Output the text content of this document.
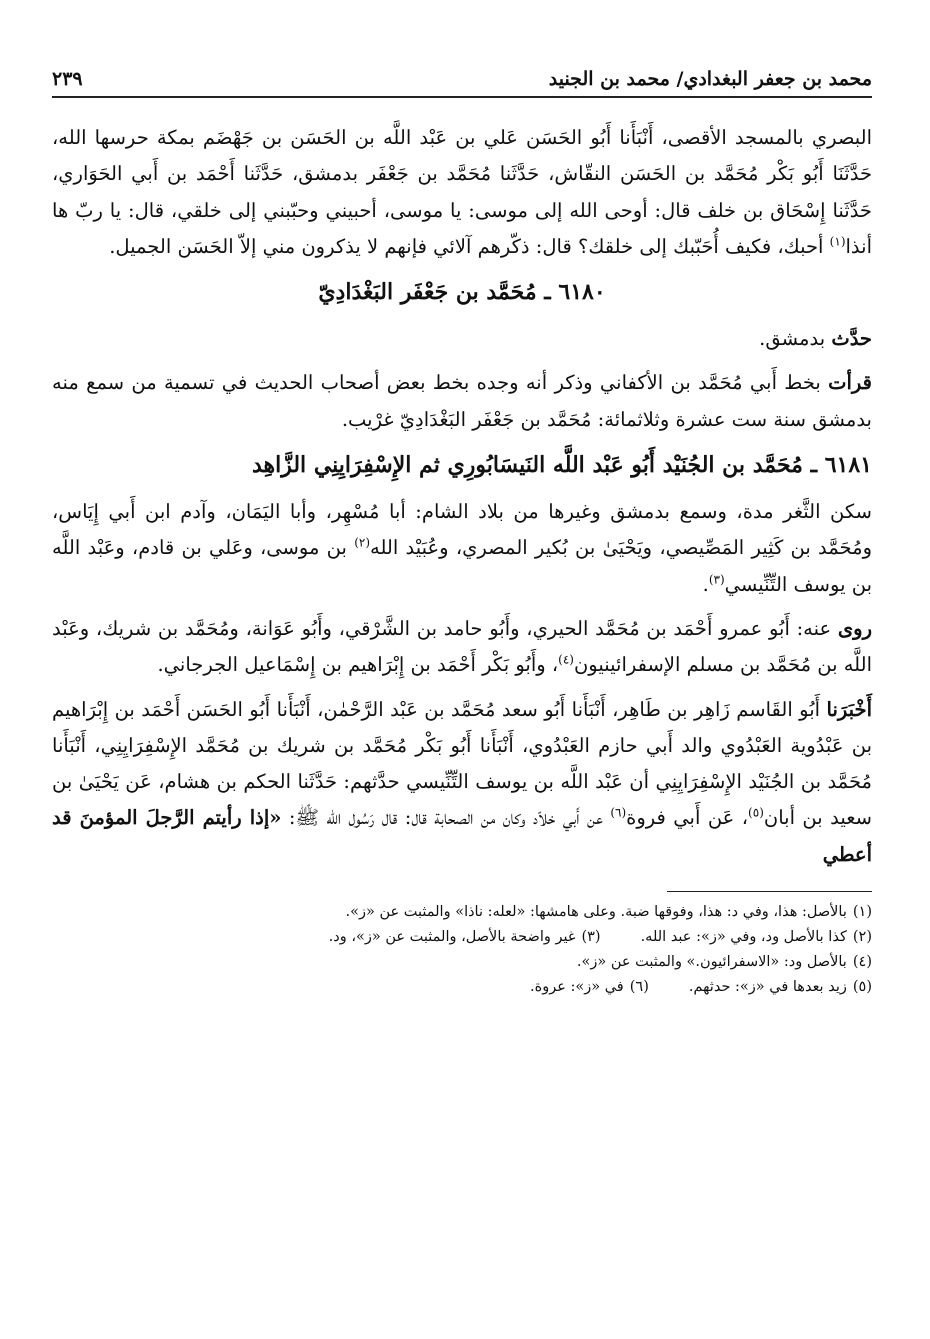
محمد بن جعفر البغدادي/ محمد بن الجنيد
٢٣٩

البصري بالمسجد الأقصى، أَنْبَأَنا أَبُو الحَسَن عَلي بن عَبْد اللَّه بن الحَسَن بن جَهْضَم بمكة حرسها الله، حَدَّثَنَا أَبُو بَكْر مُحَمَّد بن الحَسَن النقّاش، حَدَّثَنا مُحَمَّد بن جَعْفَر بدمشق، حَدَّثَنا أَحْمَد بن أَبي الحَوَاري، حَدَّثَنا إِسْحَاق بن خلف قال: أوحى الله إلى موسى: يا موسى، أحبيني وحبّبني إلى خلقي، قال: يا ربّ ها أنذا$^{(١)}$ أحبك، فكيف أُحَبّبك إلى خلقك؟ قال: ذكّرهم آلائي فإنهم لا يذكرون مني إلاّ الحَسَن الجميل.

٦١٨٠ ـ مُحَمَّد بن جَعْفَر البَغْدَادِيّ

حدَّث بدمشق.

قرأت بخط أَبي مُحَمَّد بن الأكفاني وذكر أنه وجده بخط بعض أصحاب الحديث في تسمية من سمع منه بدمشق سنة ست عشرة وثلاثمائة: مُحَمَّد بن جَعْفَر البَغْدَادِيّ غرْيب.

٦١٨١ ـ مُحَمَّد بن الجُنَيْد أَبُو عَبْد اللَّه النَيسَابُورِي ثم الإِسْفِرَايِنِي الزَّاهِد

سكن الثَّغر مدة، وسمع بدمشق وغيرها من بلاد الشام: أبا مُسْهِر، وأبا اليَمَان، وآدم ابن أَبي إِيَاس، ومُحَمَّد بن كَثِير المَصِّيصي، ويَحْيَىٰ بن بُكير المصري، وعُبَيْد الله$^{(٢)}$ بن موسى، وعَلي بن قادم، وعَبْد اللَّه بن يوسف التِّنِّيسي$^{(٣)}$.

روى عنه: أَبُو عمرو أَحْمَد بن مُحَمَّد الحيري، وأَبُو حامد بن الشَّرْقي، وأَبُو عَوَانة، ومُحَمَّد بن شريك، وعَبْد اللَّه بن مُحَمَّد بن مسلم الإسفرائينيون$^{(٤)}$، وأَبُو بَكْر أَحْمَد بن إِبْرَاهيم بن إِسْمَاعيل الجرجاني.

أَخْبَرَنا أَبُو القَاسم زَاهِر بن طَاهِر، أَنْبَأَنا أَبُو سعد مُحَمَّد بن عَبْد الرَّحْمٰن، أَنْبَأَنا أَبُو الحَسَن أَحْمَد بن إِبْرَاهيم بن عَبْدُوية العَبْدُوي والد أَبي حازم العَبْدُوي، أَنْبَأَنا أَبُو بَكْر مُحَمَّد بن شريك بن مُحَمَّد الإِسْفِرَايِنِي، أَنْبَأَنا مُحَمَّد بن الجُنَيْد الإِسْفِرَايِنِي أن عَبْد اللَّه بن يوسف التِّنِّيسي حدَّثهم: حَدَّثَنا الحكم بن هشام، عَن يَحْيَىٰ بن سعيد بن أبان$^{(٥)}$، عَن أَبي فروة$^{(٦)}$ عن أَبي خلاّد وكان من الصحابة قال: قال رَسُول الله ﷺ: «إذا رأيتم الرَّجلَ المؤمنَ قد أعطي

(١)بالأصل: هذا، وفي د: هذا، وفوقها ضبة. وعلى هامشها: «لعله: ناذا» والمثبت عن «ز».
(٢)كذا بالأصل ود، وفي «ز»: عبد الله.
(٣)غير واضحة بالأصل، والمثبت عن «ز»، ود.
(٤)بالأصل ود: «الاسفرائيون.» والمثبت عن «ز».
(٥)زيد بعدها في «ز»: حدثهم.
(٦)في «ز»: عروة.
